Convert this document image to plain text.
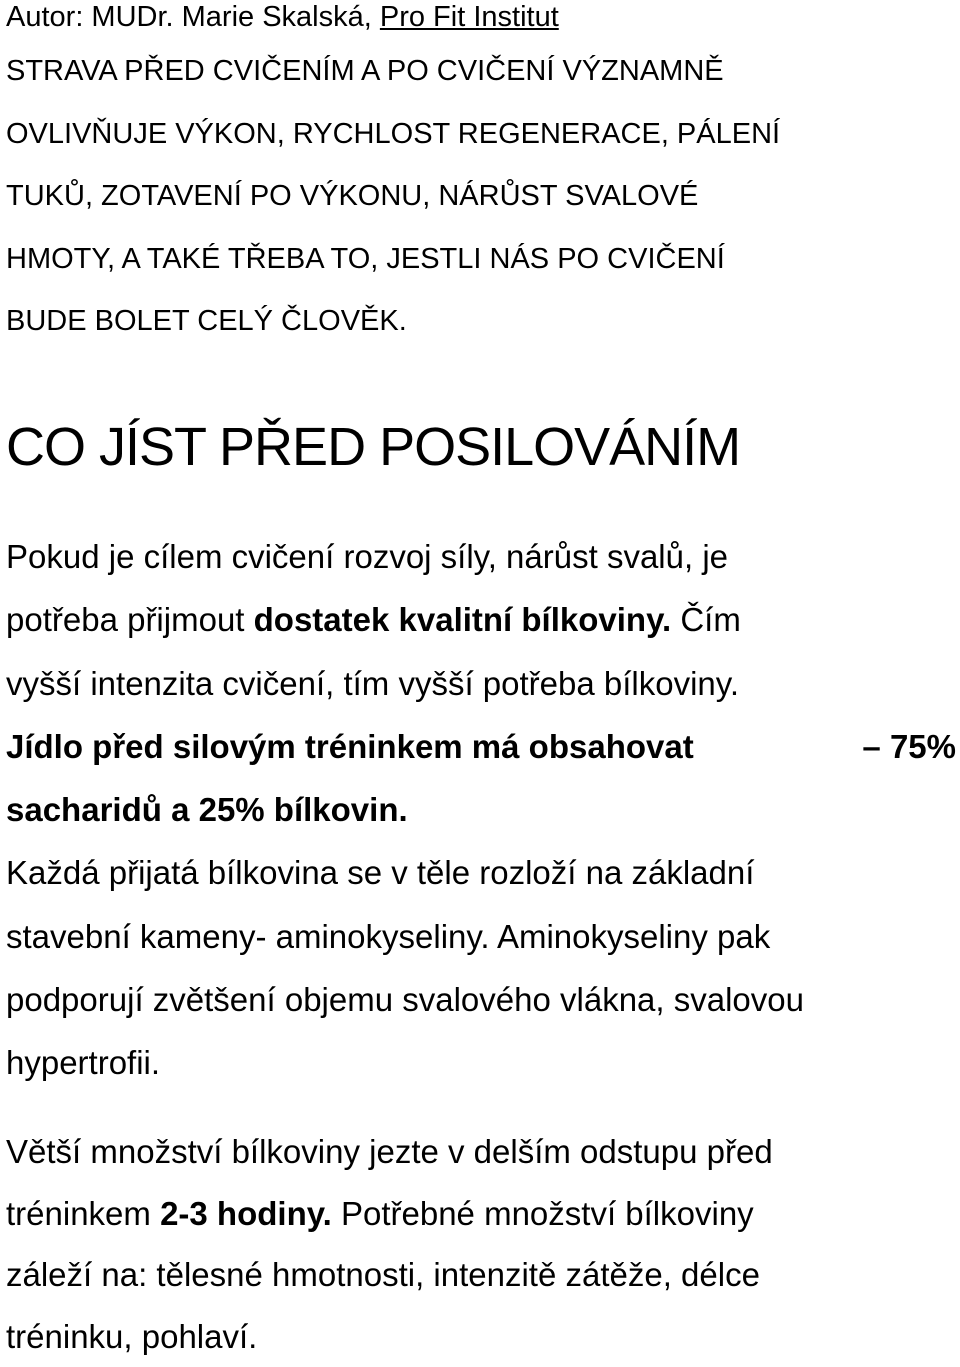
Autor: MUDr. Marie Skalská, Pro Fit Institut

STRAVA PŘED CVIČENÍM A PO CVIČENÍ VÝZNAMNĚ
OVLIVŇUJE VÝKON, RYCHLOST REGENERACE, PÁLENÍ
TUKŮ, ZOTAVENÍ PO VÝKONU, NÁRŮST SVALOVÉ
HMOTY, A TAKÉ TŘEBA TO, JESTLI NÁS PO CVIČENÍ
BUDE BOLET CELÝ ČLOVĚK.

CO JÍST PŘED POSILOVÁNÍM

Pokud je cílem cvičení rozvoj síly, nárůst svalů, je
potřeba přijmout dostatek kvalitní bílkoviny. Čím
vyšší intenzita cvičení, tím vyšší potřeba bílkoviny.
Jídlo před silovým tréninkem má obsahovat	– 75%
sacharidů a 25% bílkovin.
Každá přijatá bílkovina se v těle rozloží na základní
stavební kameny- aminokyseliny. Aminokyseliny pak
podporují zvětšení objemu svalového vlákna, svalovou
hypertrofii.

Větší množství bílkoviny jezte v delším odstupu před
tréninkem 2-3 hodiny. Potřebné množství bílkoviny
záleží na: tělesné hmotnosti, intenzitě zátěže, délce
tréninku, pohlaví.
